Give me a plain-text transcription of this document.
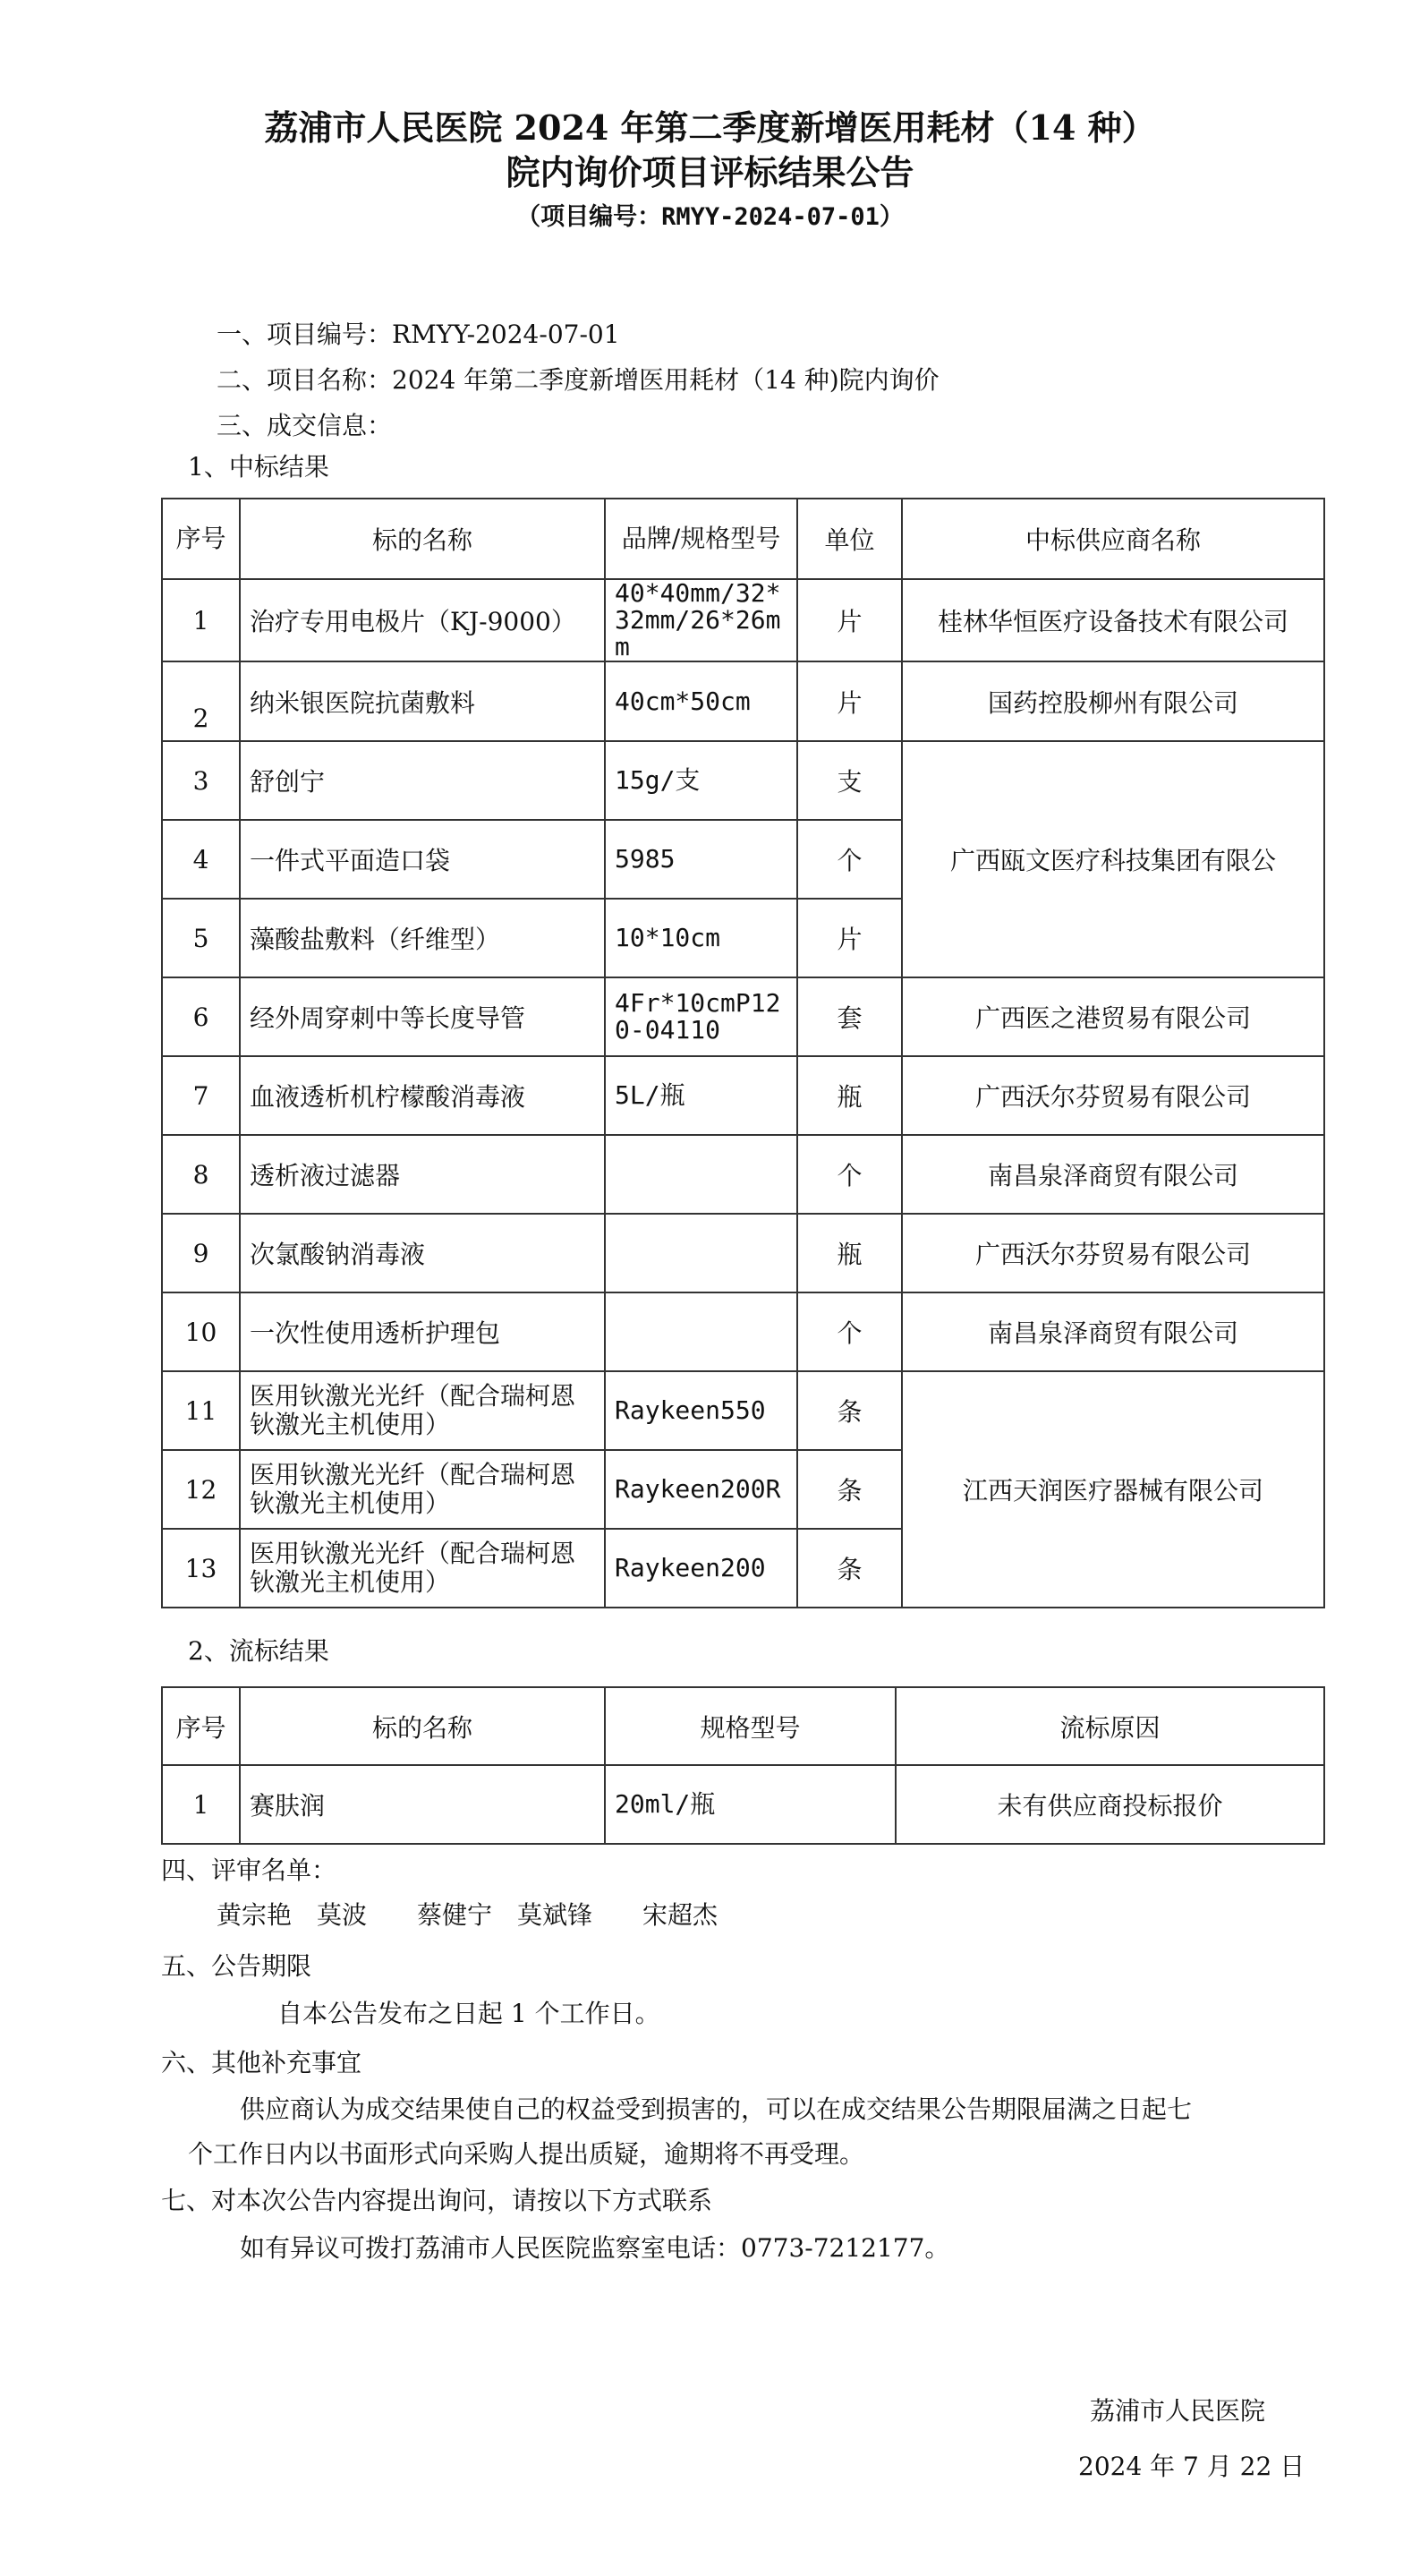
荔浦市人民医院 2024 年第二季度新增医用耗材（14 种）
院内询价项目评标结果公告
（项目编号：RMYY-2024-07-01）
一、项目编号：RMYY-2024-07-01
二、项目名称：2024 年第二季度新增医用耗材（14 种)院内询价
三、成交信息：
1、中标结果
序号	标的名称	品牌/规格型号	单位	中标供应商名称
1	治疗专用电极片（KJ-9000）	40*40mm/32*32mm/26*26mm	片	桂林华恒医疗设备技术有限公司
2	纳米银医院抗菌敷料	40cm*50cm	片	国药控股柳州有限公司
3	舒创宁	15g/支	支	广西瓯文医疗科技集团有限公
4	一件式平面造口袋	5985	个	
5	藻酸盐敷料（纤维型）	10*10cm	片	
6	经外周穿刺中等长度导管	4Fr*10cmP120-04110	套	广西医之港贸易有限公司
7	血液透析机柠檬酸消毒液	5L/瓶	瓶	广西沃尔芬贸易有限公司
8	透析液过滤器		个	南昌泉泽商贸有限公司
9	次氯酸钠消毒液		瓶	广西沃尔芬贸易有限公司
10	一次性使用透析护理包		个	南昌泉泽商贸有限公司
11	医用钬激光光纤（配合瑞柯恩钬激光主机使用）	Raykeen550	条	江西天润医疗器械有限公司
12	医用钬激光光纤（配合瑞柯恩钬激光主机使用）	Raykeen200R	条	
13	医用钬激光光纤（配合瑞柯恩钬激光主机使用）	Raykeen200	条	
2、流标结果
序号	标的名称	规格型号	流标原因
1	赛肤润	20ml/瓶	未有供应商投标报价
四、评审名单：
黄宗艳　莫波　　蔡健宁　莫斌锋　　宋超杰
五、公告期限
自本公告发布之日起 1 个工作日。
六、其他补充事宜
供应商认为成交结果使自己的权益受到损害的，可以在成交结果公告期限届满之日起七
个工作日内以书面形式向采购人提出质疑，逾期将不再受理。
七、对本次公告内容提出询问，请按以下方式联系
如有异议可拨打荔浦市人民医院监察室电话：0773-7212177。
荔浦市人民医院
2024 年 7 月 22 日
